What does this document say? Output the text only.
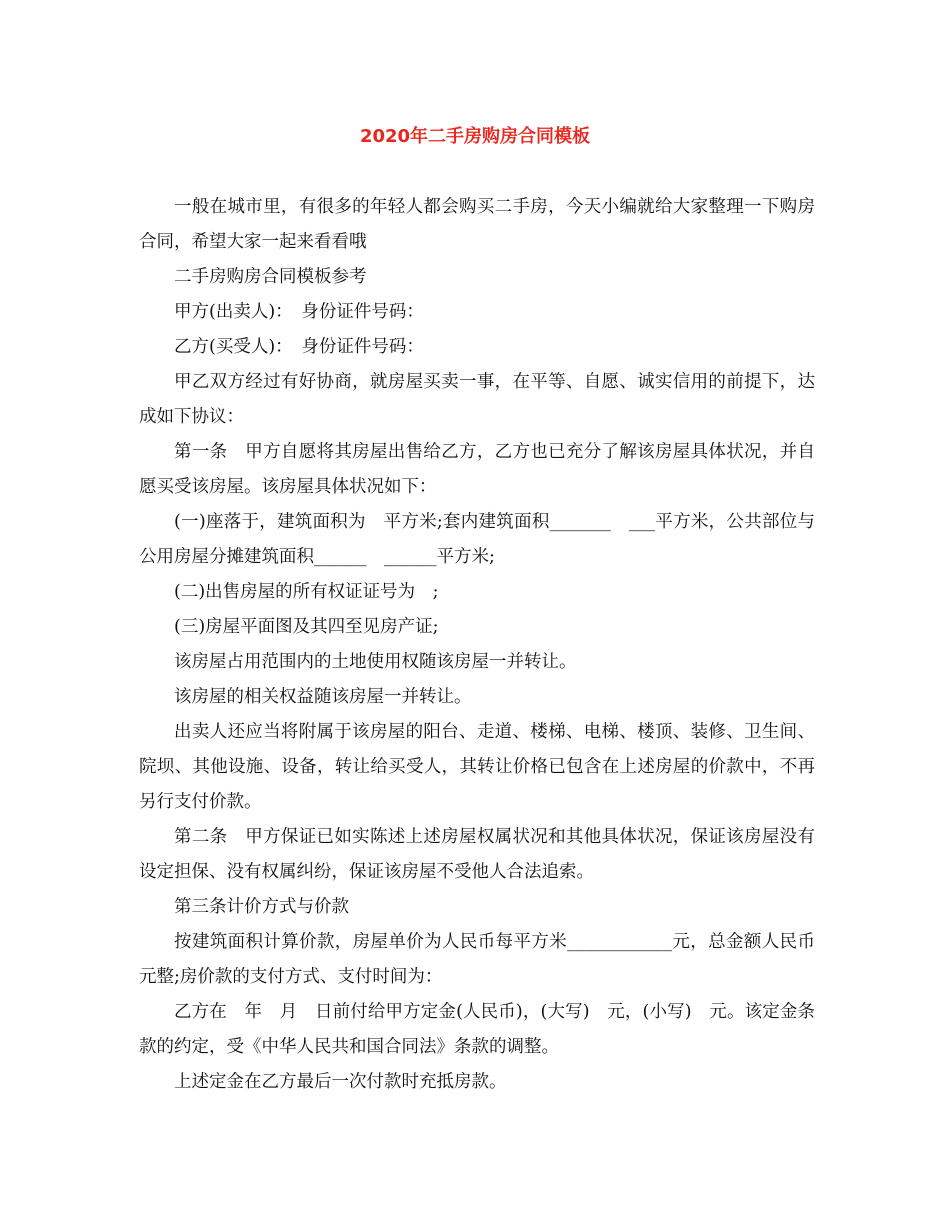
2020年二手房购房合同模板

一般在城市里，有很多的年轻人都会购买二手房，今天小编就给大家整理一下购房合同，希望大家一起来看看哦

二手房购房合同模板参考

甲方(出卖人)：　身份证件号码：

乙方(买受人)：　身份证件号码：

甲乙双方经过有好协商，就房屋买卖一事，在平等、自愿、诚实信用的前提下，达成如下协议：

第一条　甲方自愿将其房屋出售给乙方，乙方也已充分了解该房屋具体状况，并自愿买受该房屋。该房屋具体状况如下：

(一)座落于，建筑面积为　平方米;套内建筑面积_______　___平方米，公共部位与公用房屋分摊建筑面积______　______平方米;

(二)出售房屋的所有权证证号为　;

(三)房屋平面图及其四至见房产证;

该房屋占用范围内的土地使用权随该房屋一并转让。

该房屋的相关权益随该房屋一并转让。

出卖人还应当将附属于该房屋的阳台、走道、楼梯、电梯、楼顶、装修、卫生间、院坝、其他设施、设备，转让给买受人，其转让价格已包含在上述房屋的价款中，不再另行支付价款。

第二条　甲方保证已如实陈述上述房屋权属状况和其他具体状况，保证该房屋没有设定担保、没有权属纠纷，保证该房屋不受他人合法追索。

第三条计价方式与价款

按建筑面积计算价款，房屋单价为人民币每平方米____________元，总金额人民币元整;房价款的支付方式、支付时间为：

乙方在　年　月　日前付给甲方定金(人民币)，(大写)　元，(小写)　元。该定金条款的约定，受《中华人民共和国合同法》条款的调整。

上述定金在乙方最后一次付款时充抵房款。
